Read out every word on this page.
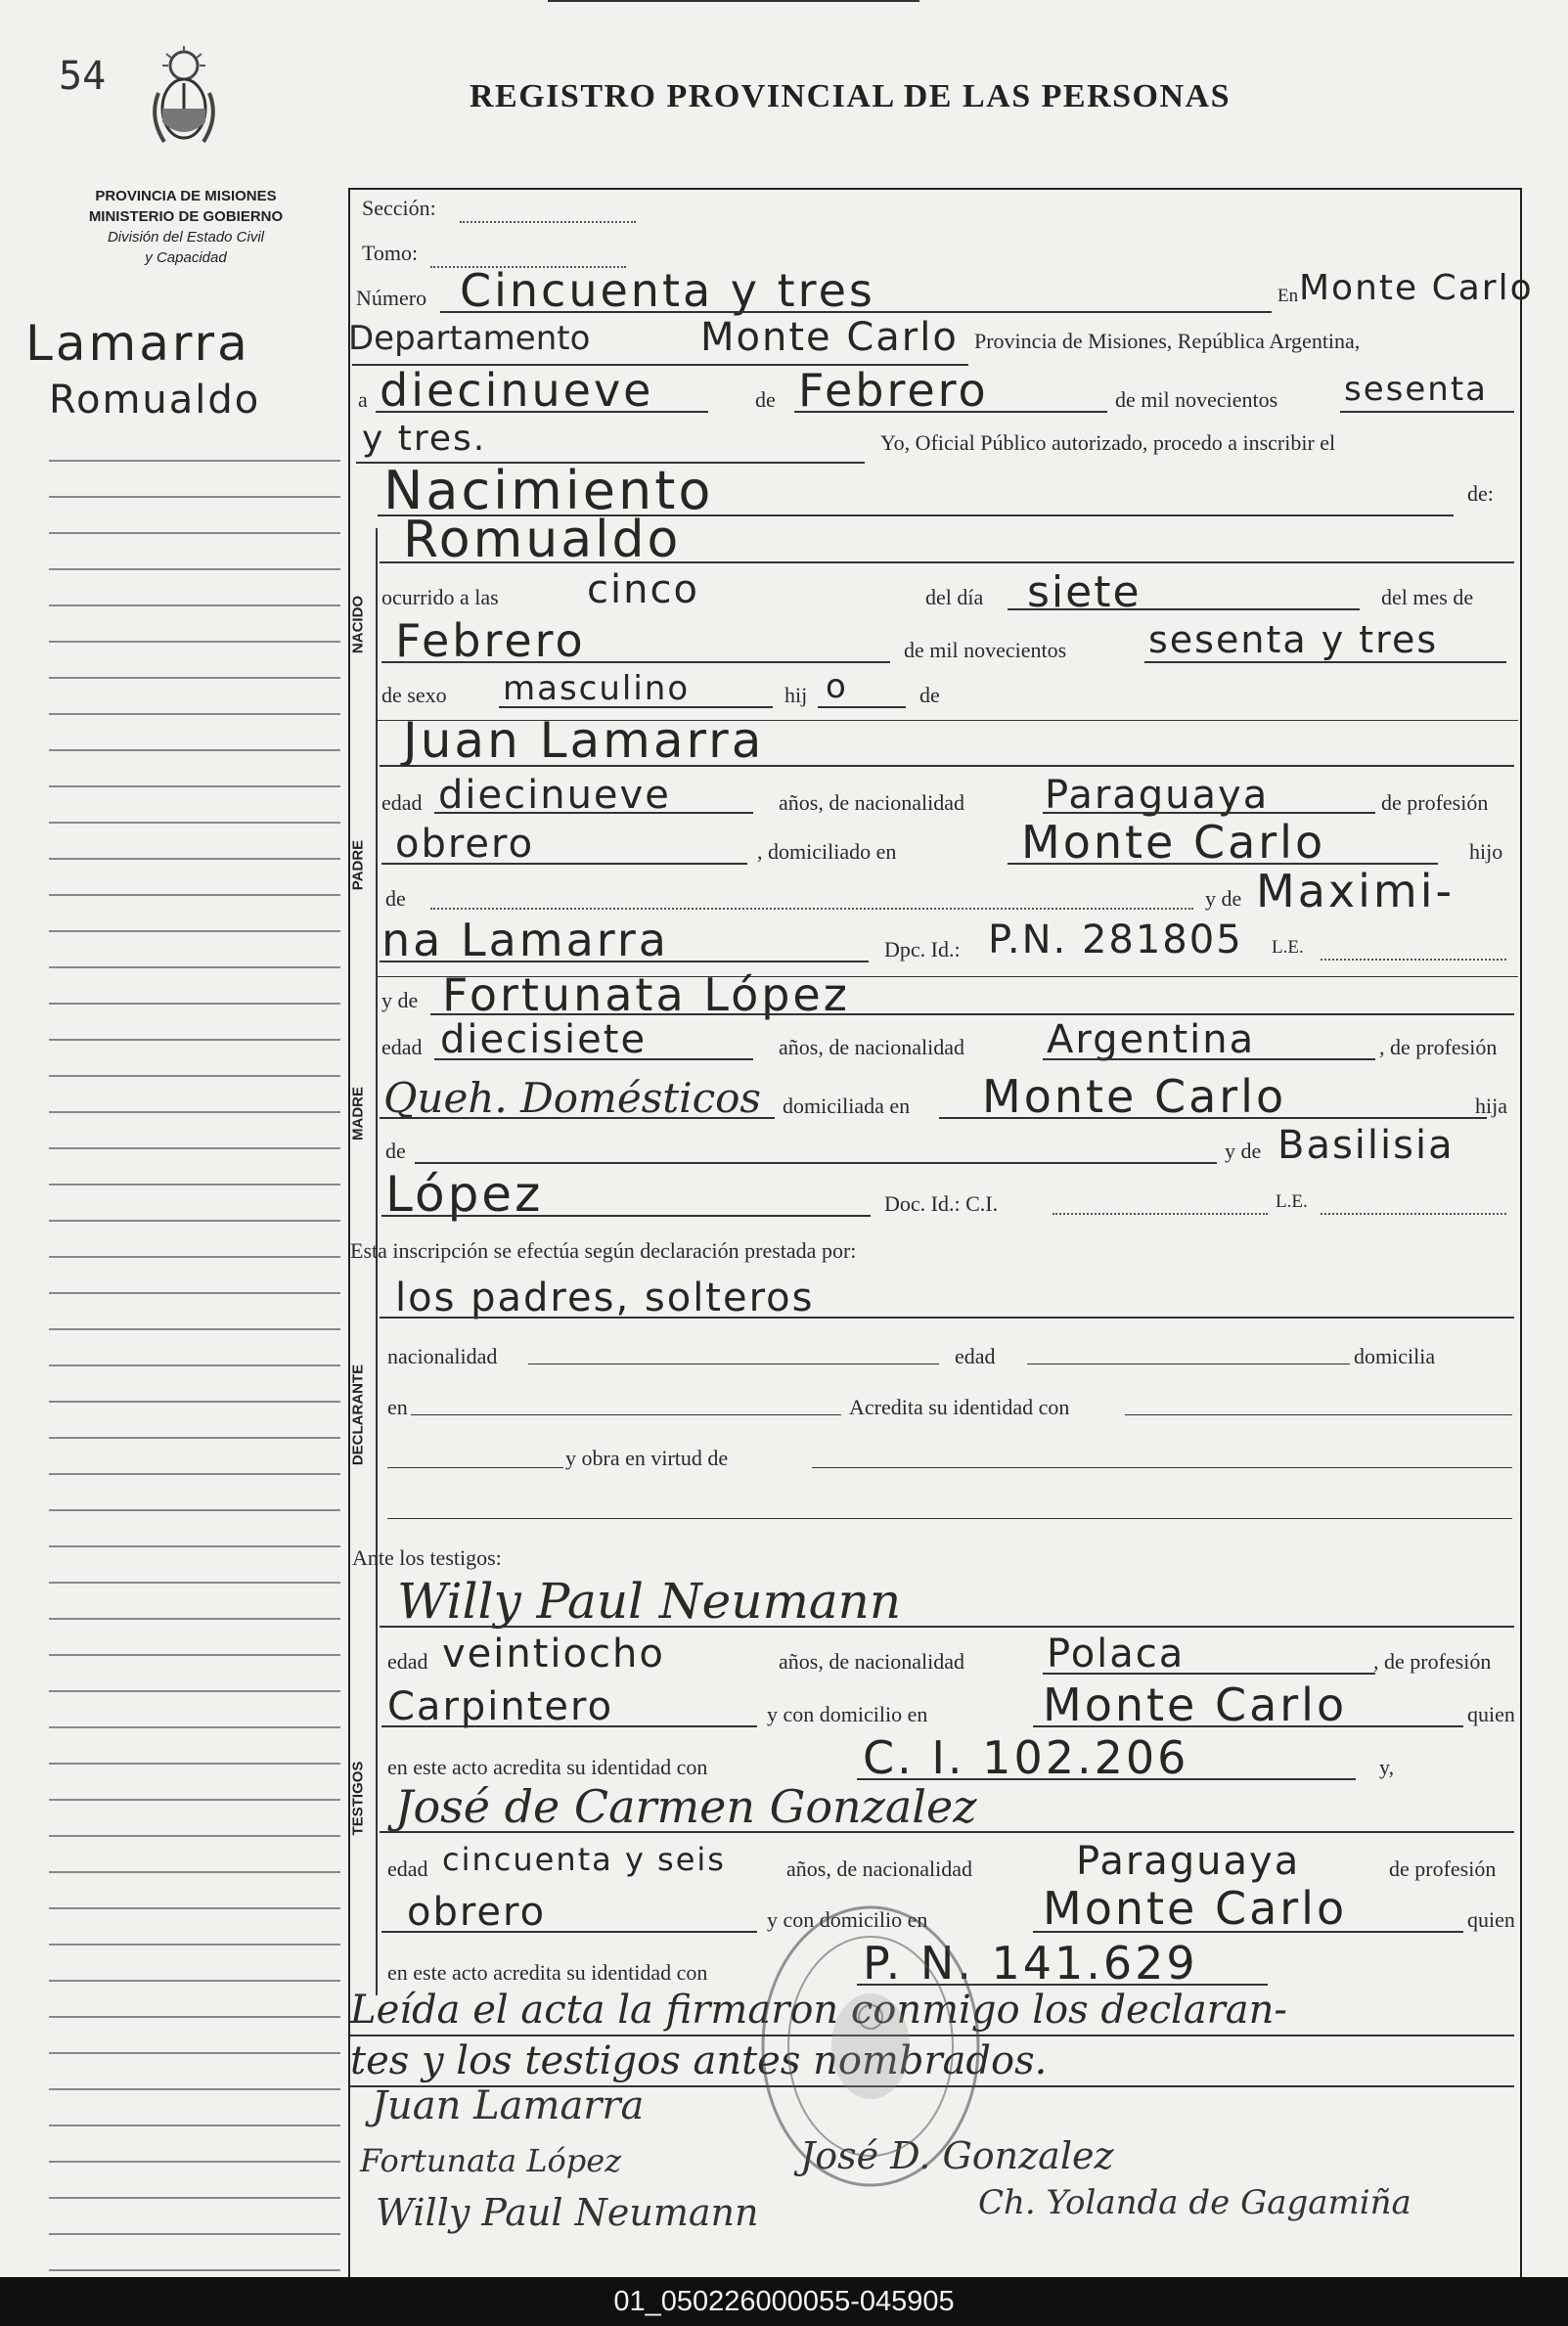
54	REGISTRO PROVINCIAL DE LAS PERSONAS
PROVINCIA DE MISIONES
MINISTERIO DE GOBIERNO
División del Estado Civil
y Capacidad
Lamarra
Romualdo
Sección:
Tomo:
Número Cincuenta y tres	En Monte Carlo
Departamento	Monte Carlo Provincia de Misiones, República Argentina,
a diecinueve	de Febrero	de mil novecientos sesenta
y tres.	Yo, Oficial Público autorizado, procedo a inscribir el
Nacimiento	de:
NACIDO
Romualdo
ocurrido a las cinco	del día siete	del mes de
Febrero	de mil novecientos sesenta y tres
de sexo masculino	hij o	de
PADRE
Juan Lamarra
edad diecinueve	años, de nacionalidad Paraguaya	de profesión
obrero	, domiciliado en	Monte Carlo	hijo
de	y de Maximi-
na Lamarra	Dpc. Id.: P.N. 281805 L.E.
MADRE
y de Fortunata López
edad diecisiete	años, de nacionalidad Argentina	, de profesión
Queh. Domésticos domiciliada en Monte Carlo	hija
de	y de Basilisia
López	Doc. Id.: C.I.	L.E.
Esta inscripción se efectúa según declaración prestada por:
DECLARANTE
los padres, solteros
nacionalidad	edad	domicilia
en	Acredita su identidad con
y obra en virtud de
Ante los testigos:
TESTIGOS
Willy Paul Neumann
edad veintiocho	años, de nacionalidad Polaca	, de profesión
Carpintero	y con domicilio en	Monte Carlo	quien
en este acto acredita su identidad con	C. I. 102.206	y,
José de Carmen Gonzalez
edad cincuenta y seis	años, de nacionalidad	Paraguaya	de profesión
obrero	y con domicilio en	Monte Carlo	quien
en este acto acredita su identidad con	P. N. 141.629
Leída el acta la firmaron conmigo los declaran-
tes y los testigos antes nombrados.
Juan Lamarra
Fortunata López	José D. Gonzalez
Willy Paul Neumann	Ch. Yolanda de Gagamiña
01_050226000055-045905
